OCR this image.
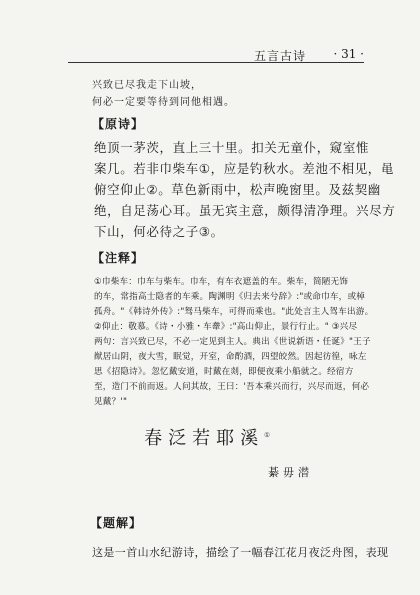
五言古诗 · 31 ·
兴致已尽我走下山坡，
何必一定要等待到同他相遇。
【原诗】
绝顶一茅茨，直上三十里。扣关无童仆，窥室惟
案几。若非巾柴车①，应是钓秋水。差池不相见，黾
俯空仰止②。草色新雨中，松声晚窗里。及兹契幽
绝，自足荡心耳。虽无宾主意，颇得清净理。兴尽方
下山，何必待之子③。
【注释】
①巾柴车：巾车与柴车。巾车，有车衣遮盖的车。柴车，简陋无饰
的车，常指高士隐者的车乘。陶渊明《归去来兮辞》:"或命巾车，或棹
孤舟。"《韩诗外传》:"驽马柴车，可得而乘也。"此处言主人驾车出游。
②仰止：敬慕。《诗・小雅・车舝》:"高山仰止，景行行止。" ③兴尽
两句：言兴致已尽，不必一定见到主人。典出《世说新语・任诞》"王子
猷居山阴，夜大雪，眠觉，开室，命酌酒，四望皎然。因起彷徨，咏左
思《招隐诗》。忽忆戴安道，时戴在剡，即便夜乘小船就之。经宿方
至，造门不前而返。人问其故，王曰：'吾本乘兴而行，兴尽而返，何必
见戴？'"
春泛若耶溪①
綦毋潜
【题解】
这是一首山水纪游诗，描绘了一幅春江花月夜泛舟图，表现
